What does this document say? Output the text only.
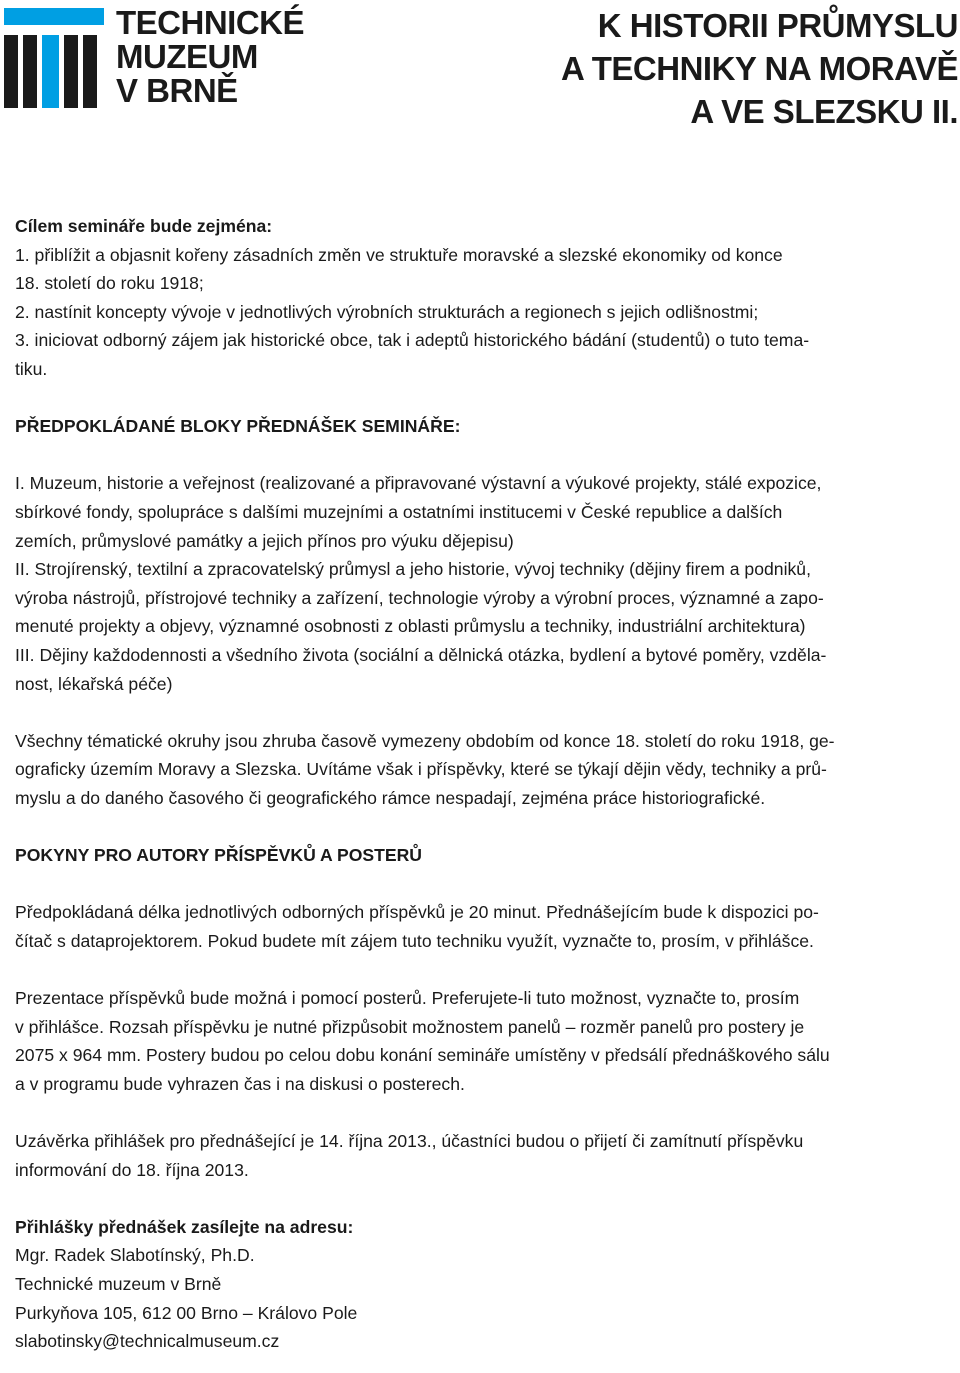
TECHNICKÉ
MUZEUM
V BRNĚ
K HISTORII PRŮMYSLU
A TECHNIKY NA MORAVĚ
A VE SLEZSKU II.

Cílem semináře bude zejména:

1. přiblížit a objasnit kořeny zásadních změn ve struktuře moravské a slezské ekonomiky od konce

18. století do roku 1918;

2. nastínit koncepty vývoje v jednotlivých výrobních strukturách a regionech s jejich odlišnostmi;

3. iniciovat odborný zájem jak historické obce, tak i adeptů historického bádání (studentů) o tuto tema-

tiku.

PŘEDPOKLÁDANÉ BLOKY PŘEDNÁŠEK SEMINÁŘE:

I. Muzeum, historie a veřejnost (realizované a připravované výstavní a výukové projekty, stálé expozice,

sbírkové fondy, spolupráce s dalšími muzejními a ostatními institucemi v České republice a dalších

zemích, průmyslové památky a jejich přínos pro výuku dějepisu)

II. Strojírenský, textilní a zpracovatelský průmysl a jeho historie, vývoj techniky (dějiny firem a podniků,

výroba nástrojů, přístrojové techniky a zařízení, technologie výroby a výrobní proces, významné a zapo-

menuté projekty a objevy, významné osobnosti z oblasti průmyslu a techniky, industriální architektura)

III. Dějiny každodennosti a všedního života (sociální a dělnická otázka, bydlení a bytové poměry, vzděla-

nost, lékařská péče)

Všechny tématické okruhy jsou zhruba časově vymezeny obdobím od konce 18. století do roku 1918, ge-

ograficky územím Moravy a Slezska. Uvítáme však i příspěvky, které se týkají dějin vědy, techniky a prů-

myslu a do daného časového či geografického rámce nespadají, zejména práce historiografické.

POKYNY PRO AUTORY PŘÍSPĚVKŮ A POSTERŮ

Předpokládaná délka jednotlivých odborných příspěvků je 20 minut. Přednášejícím bude k dispozici po-

čítač s dataprojektorem. Pokud budete mít zájem tuto techniku využít, vyznačte to, prosím, v přihlášce.

Prezentace příspěvků bude možná i pomocí posterů. Preferujete-li tuto možnost, vyznačte to, prosím

v přihlášce. Rozsah příspěvku je nutné přizpůsobit možnostem panelů – rozměr panelů pro postery je

2075 x 964 mm. Postery budou po celou dobu konání semináře umístěny v předsálí přednáškového sálu

a v programu bude vyhrazen čas i na diskusi o posterech.

Uzávěrka přihlášek pro přednášející je 14. října 2013., účastníci budou o přijetí či zamítnutí příspěvku

informování do 18. října 2013.

Přihlášky přednášek zasílejte na adresu:

Mgr. Radek Slabotínský, Ph.D.

Technické muzeum v Brně

Purkyňova 105, 612 00 Brno – Královo Pole

slabotinsky@technicalmuseum.cz
